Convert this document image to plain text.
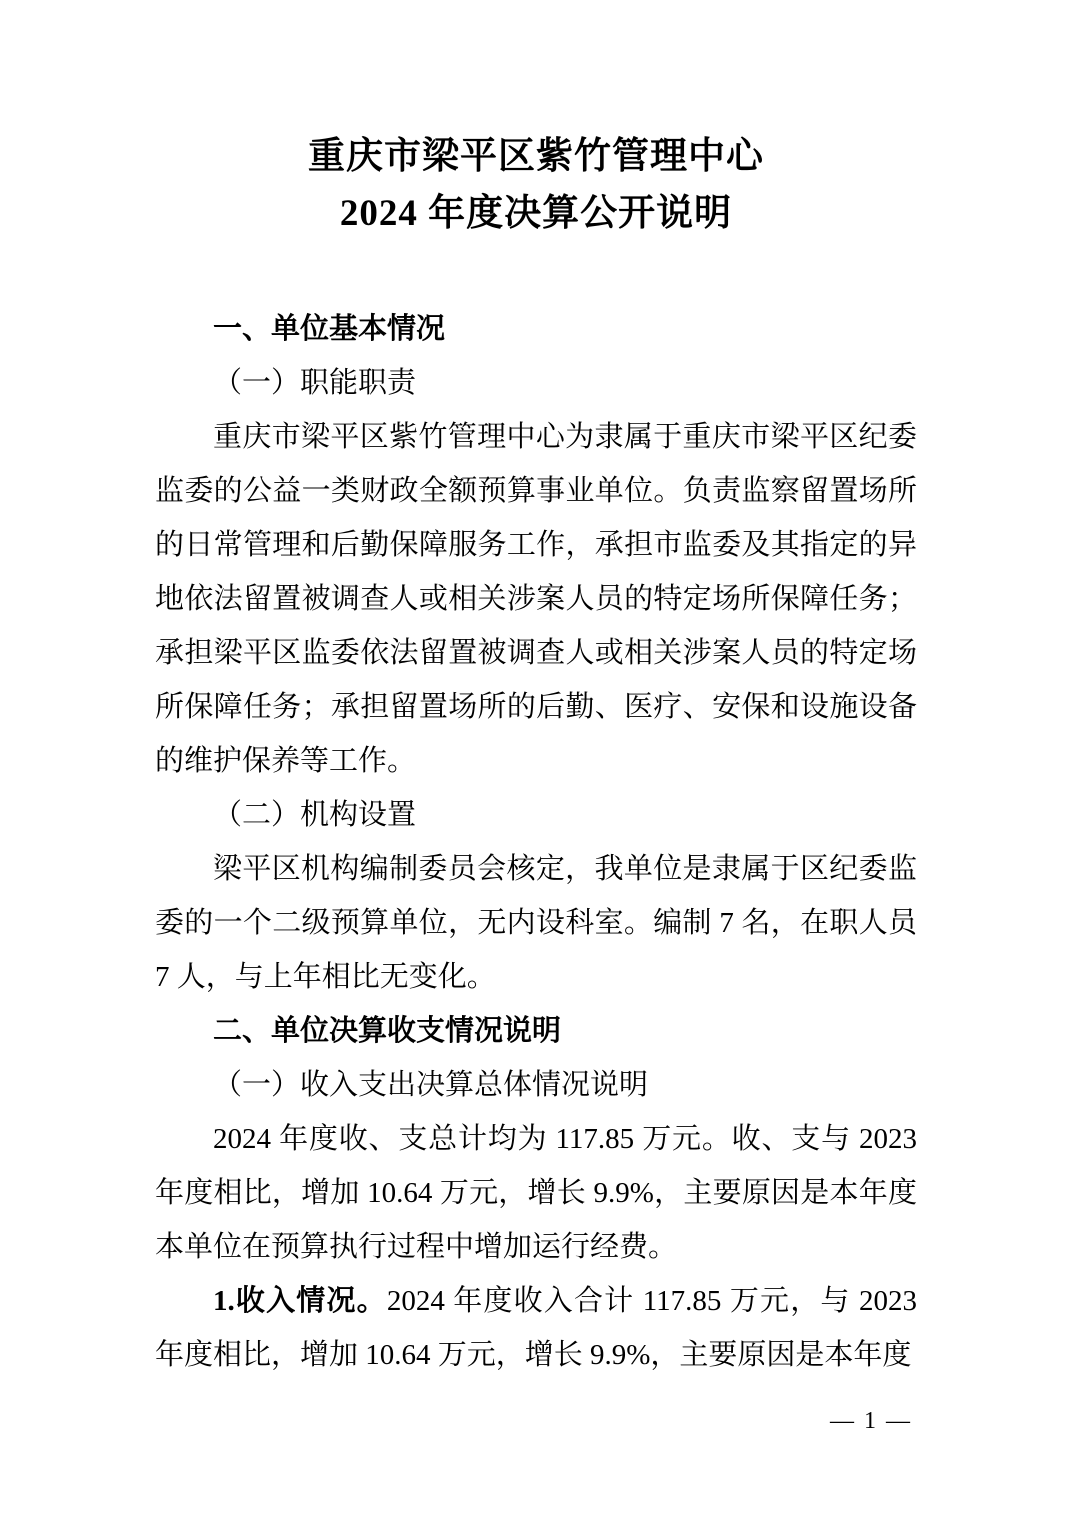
重庆市梁平区紫竹管理中心
2024 年度决算公开说明

一、单位基本情况

（一）职能职责

重庆市梁平区紫竹管理中心为隶属于重庆市梁平区纪委监委的公益一类财政全额预算事业单位。负责监察留置场所的日常管理和后勤保障服务工作，承担市监委及其指定的异地依法留置被调查人或相关涉案人员的特定场所保障任务；承担梁平区监委依法留置被调查人或相关涉案人员的特定场所保障任务；承担留置场所的后勤、医疗、安保和设施设备的维护保养等工作。

（二）机构设置

梁平区机构编制委员会核定，我单位是隶属于区纪委监委的一个二级预算单位，无内设科室。编制 7 名，在职人员 7 人，与上年相比无变化。

二、单位决算收支情况说明

（一）收入支出决算总体情况说明

2024 年度收、支总计均为 117.85 万元。收、支与 2023 年度相比，增加 10.64 万元，增长 9.9%，主要原因是本年度本单位在预算执行过程中增加运行经费。

1.收入情况。2024 年度收入合计 117.85 万元，与 2023 年度相比，增加 10.64 万元，增长 9.9%，主要原因是本年度

— 1 —
